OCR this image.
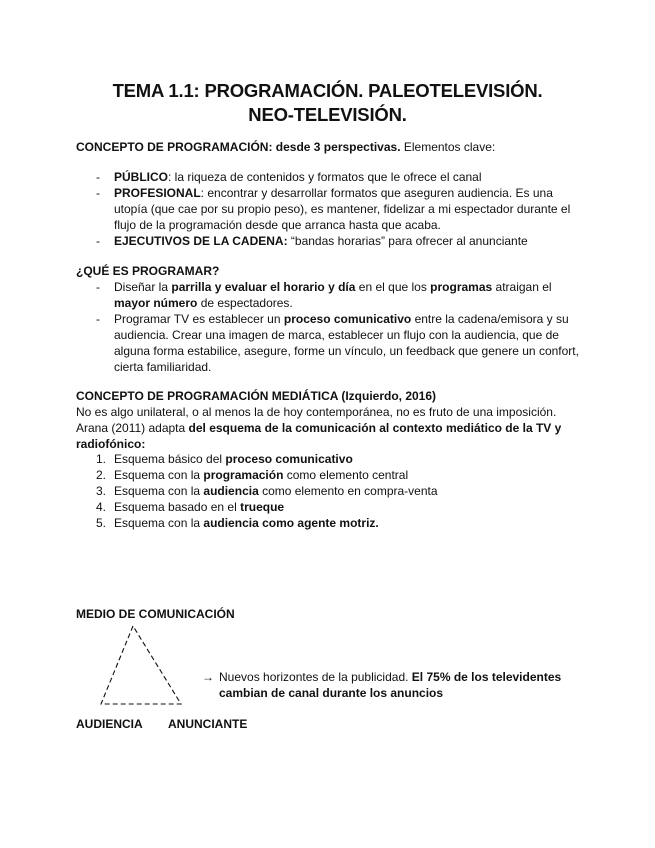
TEMA 1.1: PROGRAMACIÓN. PALEOTELEVISIÓN.
NEO-TELEVISIÓN.
CONCEPTO DE PROGRAMACIÓN: desde 3 perspectivas. Elementos clave:
- PÚBLICO: la riqueza de contenidos y formatos que le ofrece el canal
- PROFESIONAL: encontrar y desarrollar formatos que aseguren audiencia. Es una
utopía (que cae por su propio peso), es mantener, fidelizar a mi espectador durante el
flujo de la programación desde que arranca hasta que acaba.
- EJECUTIVOS DE LA CADENA: “bandas horarias” para ofrecer al anunciante
¿QUÉ ES PROGRAMAR?
- Diseñar la parrilla y evaluar el horario y día en el que los programas atraigan el
mayor número de espectadores.
- Programar TV es establecer un proceso comunicativo entre la cadena/emisora y su
audiencia. Crear una imagen de marca, establecer un flujo con la audiencia, que de
alguna forma estabilice, asegure, forme un vínculo, un feedback que genere un confort,
cierta familiaridad.
CONCEPTO DE PROGRAMACIÓN MEDIÁTICA (Izquierdo, 2016)
No es algo unilateral, o al menos la de hoy contemporánea, no es fruto de una imposición.
Arana (2011) adapta del esquema de la comunicación al contexto mediático de la TV y
radiofónico:
1. Esquema básico del proceso comunicativo
2. Esquema con la programación como elemento central
3. Esquema con la audiencia como elemento en compra-venta
4. Esquema basado en el trueque
5. Esquema con la audiencia como agente motriz.
MEDIO DE COMUNICACIÓN
→ Nuevos horizontes de la publicidad. El 75% de los televidentes
cambian de canal durante los anuncios
AUDIENCIA ANUNCIANTE
